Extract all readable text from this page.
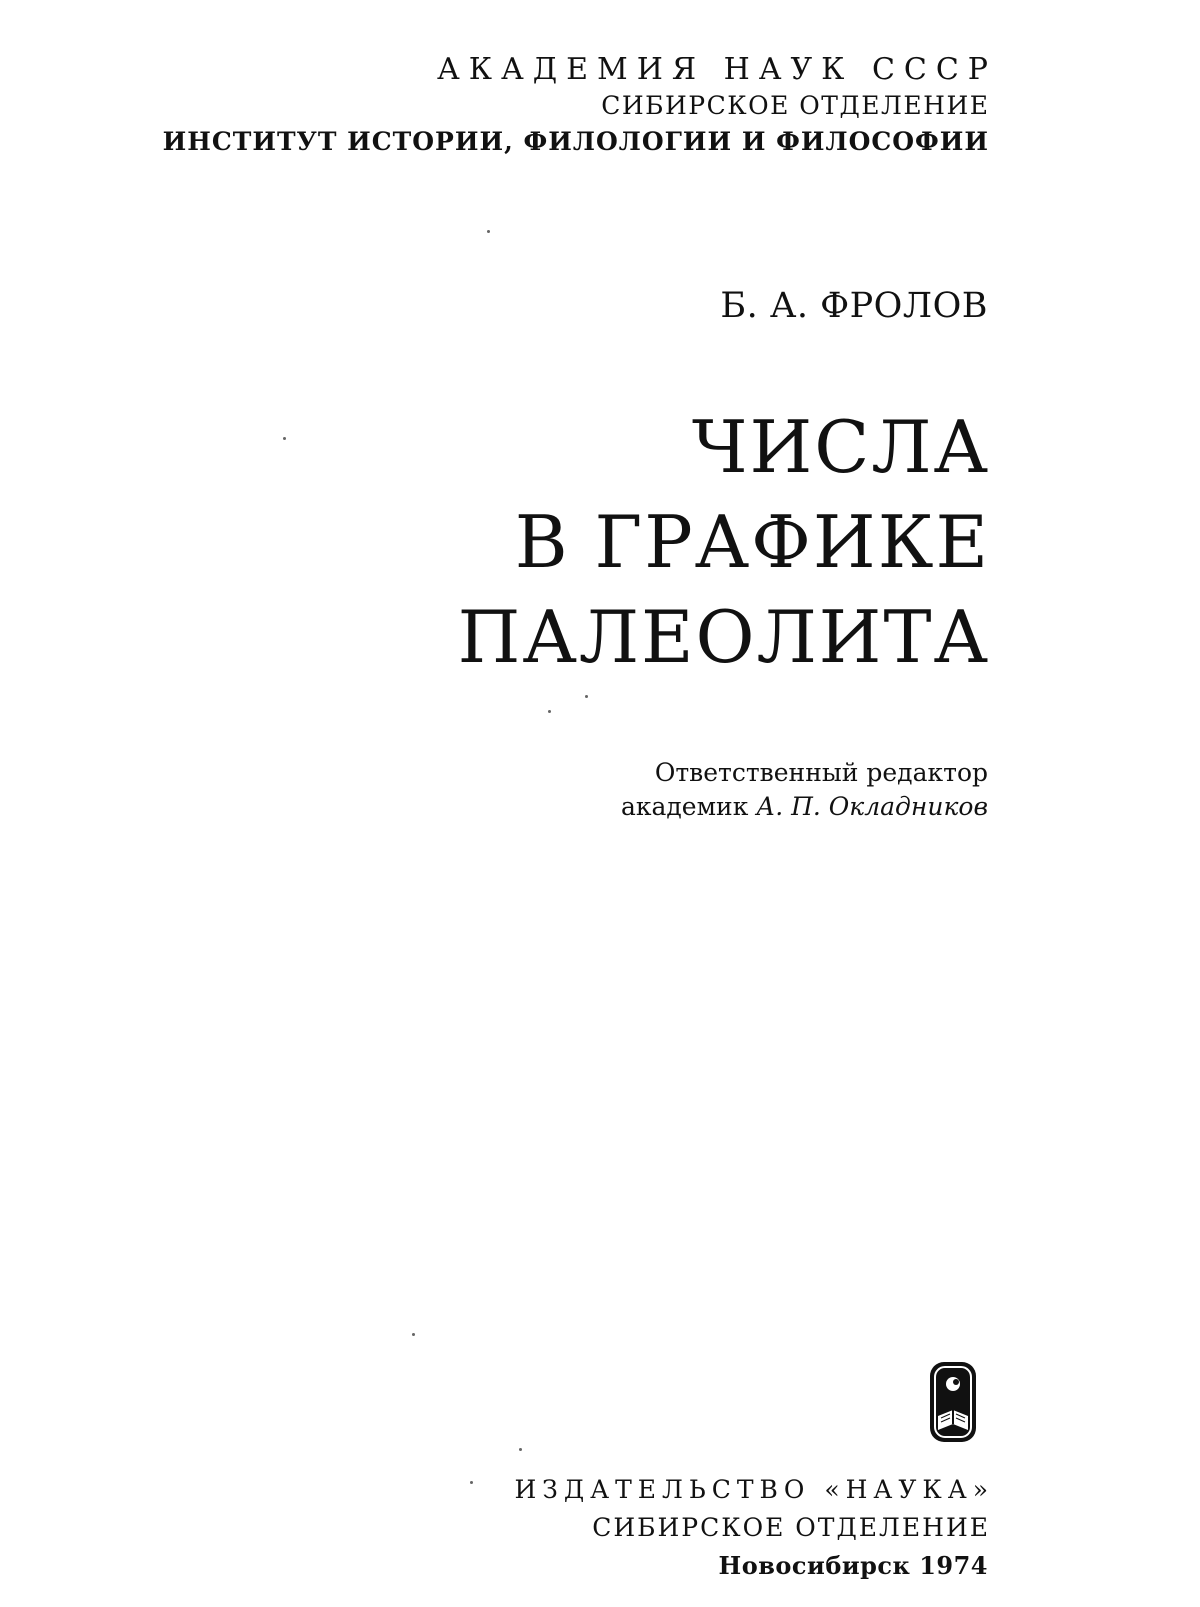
АКАДЕМИЯ НАУК СССР
СИБИРСКОЕ ОТДЕЛЕНИЕ
ИНСТИТУТ ИСТОРИИ, ФИЛОЛОГИИ И ФИЛОСОФИИ
Б. А. ФРОЛОВ
ЧИСЛА
В ГРАФИКЕ
ПАЛЕОЛИТА
Ответственный редактор
академик А. П. Окладников
ИЗДАТЕЛЬСТВО «НАУКА»
СИБИРСКОЕ ОТДЕЛЕНИЕ
Новосибирск 1974
